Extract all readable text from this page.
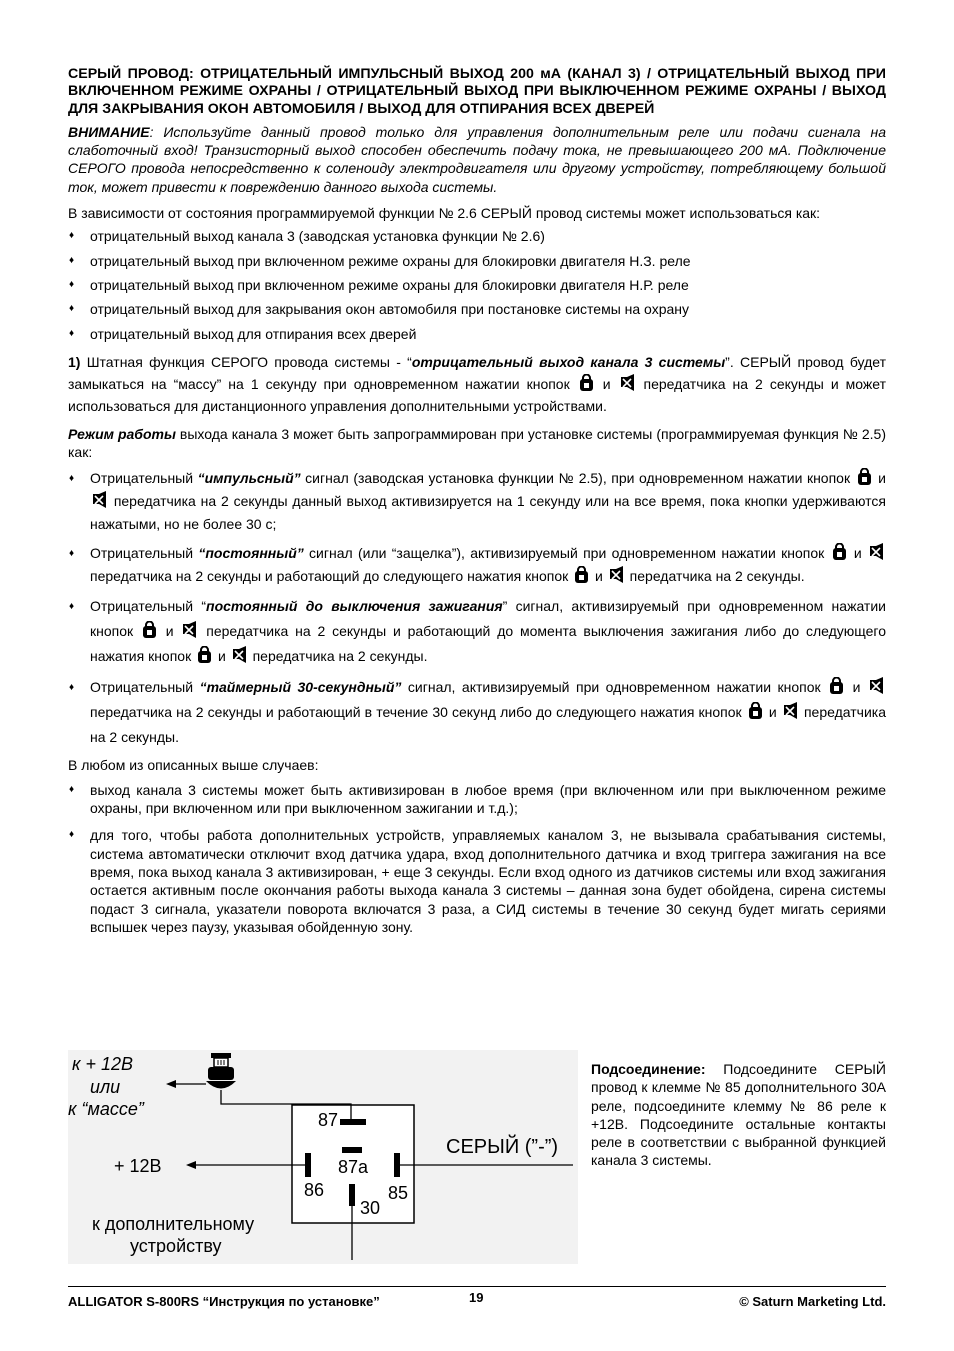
СЕРЫЙ ПРОВОД: ОТРИЦАТЕЛЬНЫЙ ИМПУЛЬСНЫЙ ВЫХОД 200 мА (КАНАЛ 3) / ОТРИЦАТЕЛЬНЫЙ ВЫХОД ПРИ ВКЛЮЧЕННОМ РЕЖИМЕ ОХРАНЫ / ОТРИЦАТЕЛЬНЫЙ ВЫХОД ПРИ ВЫКЛЮЧЕННОМ РЕЖИМЕ ОХРАНЫ / ВЫХОД ДЛЯ ЗАКРЫВАНИЯ ОКОН АВТОМОБИЛЯ / ВЫХОД ДЛЯ ОТПИРАНИЯ ВСЕХ ДВЕРЕЙ

ВНИМАНИЕ: Используйте данный провод только для управления дополнительным реле или подачи сигнала на слаботочный вход! Транзисторный выход способен обеспечить подачу тока, не превышающего 200 мА. Подключение СЕРОГО провода непосредственно к соленоиду электродвигателя или другому устройству, потребляющему большой ток, может привести к повреждению данного выхода системы.

В зависимости от состояния программируемой функции № 2.6 СЕРЫЙ провод системы может использоваться как:

♦ отрицательный выход канала 3 (заводская установка функции № 2.6)
♦ отрицательный выход при включенном режиме охраны для блокировки двигателя Н.З. реле
♦ отрицательный выход при включенном режиме охраны для блокировки двигателя Н.Р. реле
♦ отрицательный выход для закрывания окон автомобиля при постановке системы на охрану
♦ отрицательный выход для отпирания всех дверей

1) Штатная функция СЕРОГО провода системы - “отрицательный выход канала 3 системы”. СЕРЫЙ провод будет замыкаться на “массу” на 1 секунду при одновременном нажатии кнопок
и
передатчика на 2 секунды и может использоваться для дистанционного управления дополнительными устройствами.

Режим работы выхода канала 3 может быть запрограммирован при установке системы (программируемая функция № 2.5) как:

♦ Отрицательный “импульсный” сигнал (заводская установка функции № 2.5), при одновременном нажатии кнопок
и
передатчика на 2 секунды данный выход активизируется на 1 секунду или на все время, пока кнопки удерживаются нажатыми, но не более 30 с;
♦ Отрицательный “постоянный” сигнал (или “защелка”), активизируемый при одновременном нажатии кнопок
и
передатчика на 2 секунды и работающий до следующего нажатия кнопок
и
передатчика на 2 секунды.
♦ Отрицательный “постоянный до выключения зажигания” сигнал, активизируемый при одновременном нажатии кнопок
и
передатчика на 2 секунды и работающий до момента выключения зажигания либо до следующего нажатия кнопок
и
передатчика на 2 секунды.
♦ Отрицательный “таймерный 30-секундный” сигнал, активизируемый при одновременном нажатии кнопок
и
передатчика на 2 секунды и работающий в течение 30 секунд либо до следующего нажатия кнопок
и
передатчика на 2 секунды.

В любом из описанных выше случаев:

♦ выход канала 3 системы может быть активизирован в любое время (при включенном или при выключенном режиме охраны, при включенном или при выключенном зажигании и т.д.);
♦ для того, чтобы работа дополнительных устройств, управляемых каналом 3, не вызывала срабатывания системы, система автоматически отключит вход датчика удара, вход дополнительного датчика и вход триггера зажигания на все время, пока выход канала 3 активизирован, + еще 3 секунды. Если вход одного из датчиков системы или вход зажигания остается активным после окончания работы выхода канала 3 системы – данная зона будет обойдена, сирена системы подаст 3 сигнала, указатели поворота включатся 3 раза, а СИД системы в течение 30 секунд будет мигать сериями вспышек через паузу, указывая обойденную зону.
к + 12В
или
к “массе”
+ 12В
к дополнительному
устройству
СЕРЫЙ (”-”)
87
87a
86	85
30

Подсоединение: Подсоедините СЕРЫЙ провод к клемме № 85 дополнительного 30А реле, подсоедините клемму № 86 реле к +12В. Подсоедините остальные контакты реле в соответствии с выбранной функцией канала 3 системы.

ALLIGATOR S-800RS “Инструкция по установке”	19	© Saturn Marketing Ltd.
